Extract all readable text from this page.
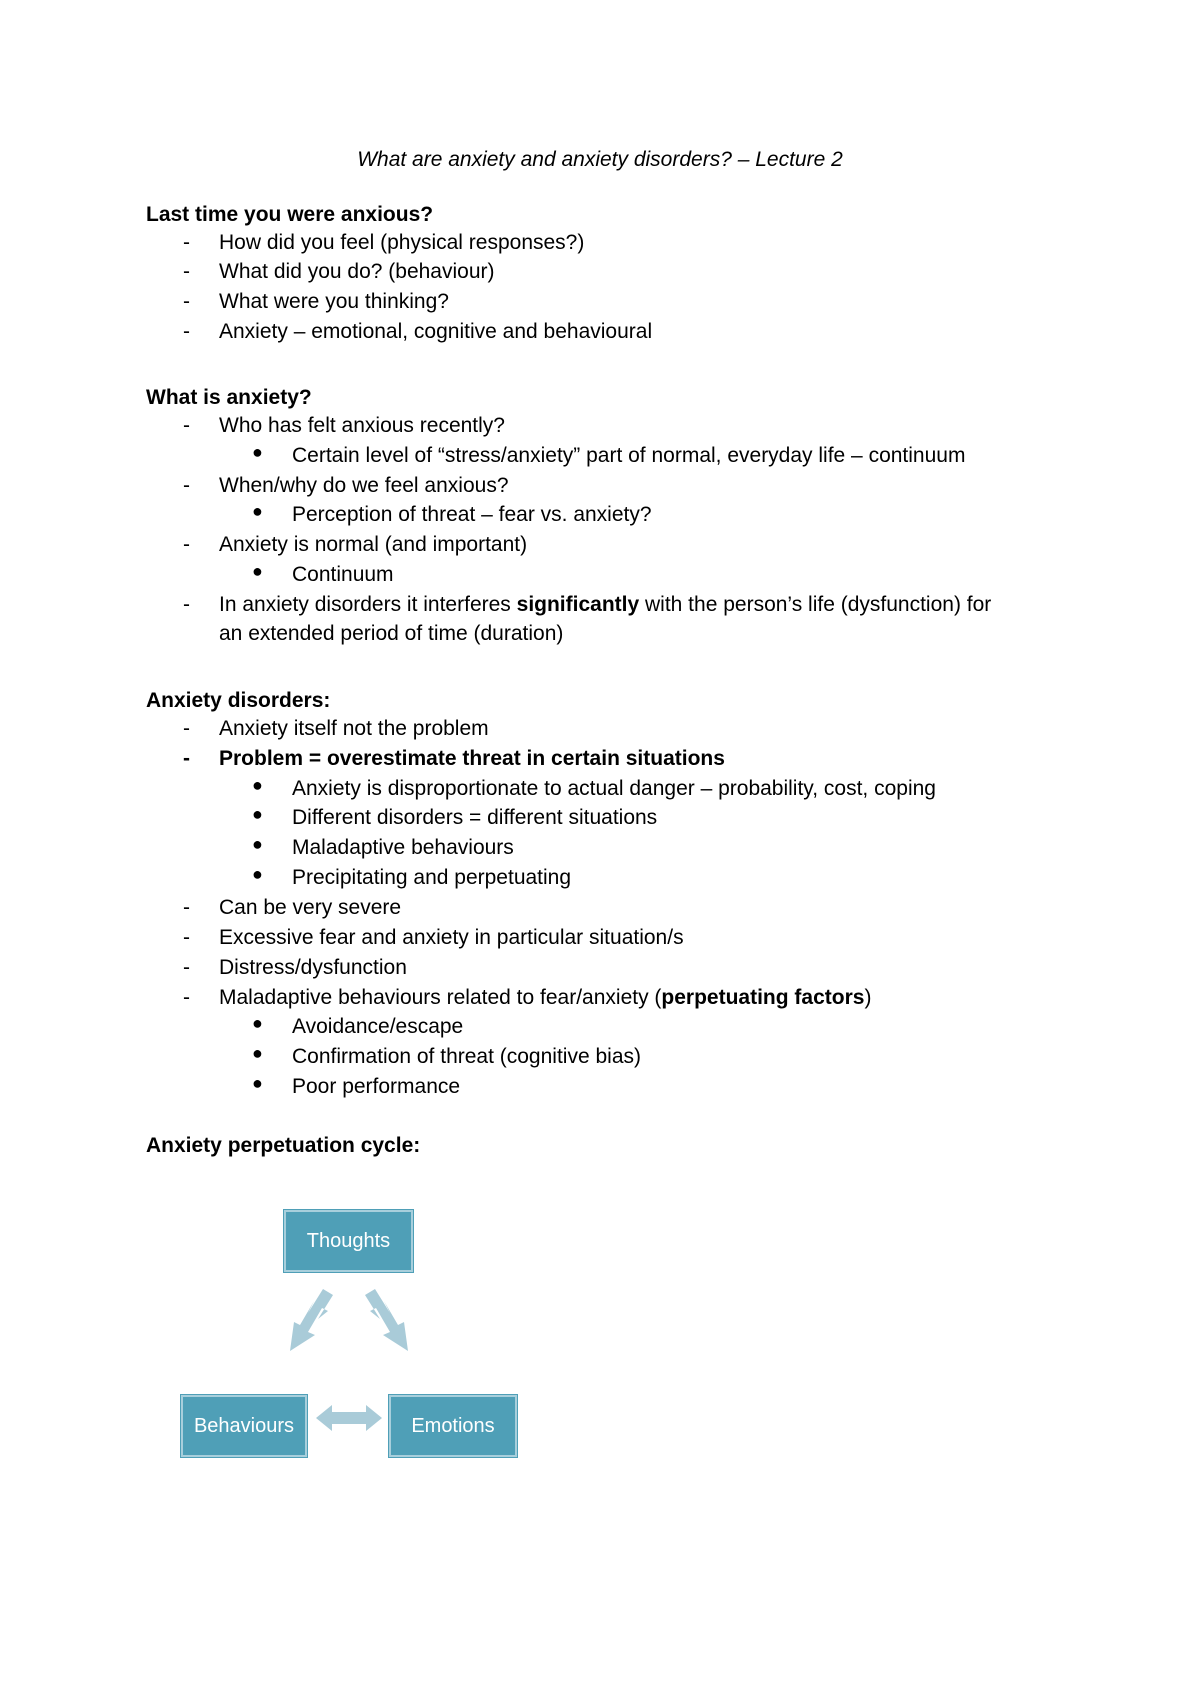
What are anxiety and anxiety disorders? – Lecture 2
Last time you were anxious?
- How did you feel (physical responses?)
- What did you do? (behaviour)
- What were you thinking?
- Anxiety – emotional, cognitive and behavioural
What is anxiety?
- Who has felt anxious recently?
● Certain level of “stress/anxiety” part of normal, everyday life – continuum
- When/why do we feel anxious?
● Perception of threat – fear vs. anxiety?
- Anxiety is normal (and important)
● Continuum
- In anxiety disorders it interferes significantly with the person’s life (dysfunction) for
an extended period of time (duration)
Anxiety disorders:
- Anxiety itself not the problem
- Problem = overestimate threat in certain situations
● Anxiety is disproportionate to actual danger – probability, cost, coping
● Different disorders = different situations
● Maladaptive behaviours
● Precipitating and perpetuating
- Can be very severe
- Excessive fear and anxiety in particular situation/s
- Distress/dysfunction
- Maladaptive behaviours related to fear/anxiety (perpetuating factors)
● Avoidance/escape
● Confirmation of threat (cognitive bias)
● Poor performance
Anxiety perpetuation cycle:
Thoughts
Behaviours	Emotions
